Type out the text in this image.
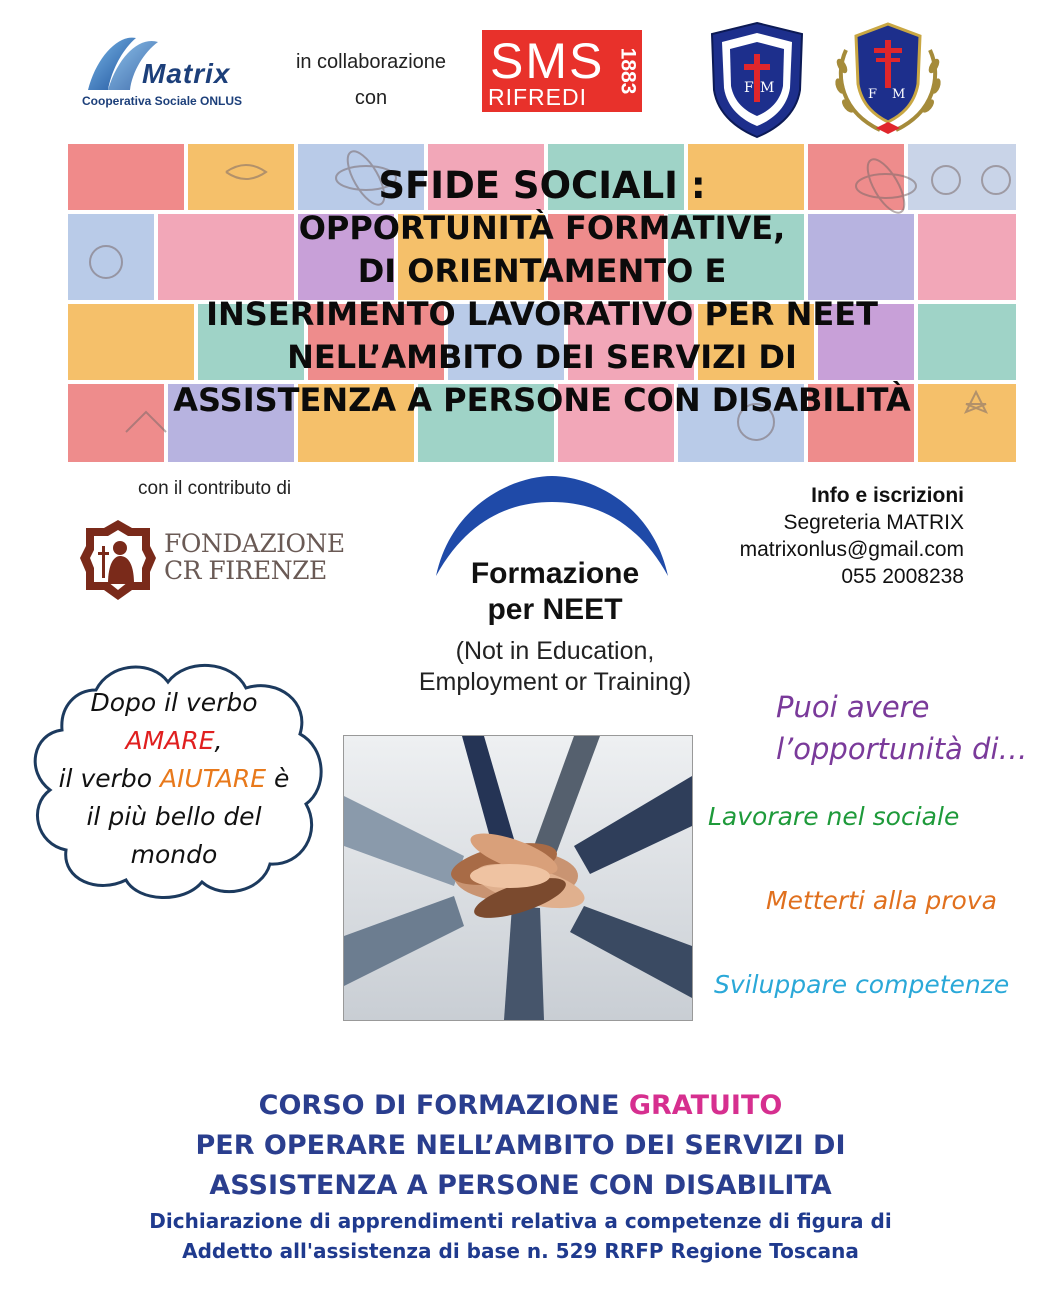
Matrix
Cooperativa Sociale ONLUS
in collaborazione
con
SMS
RIFREDI
1883	F M	F M
SFIDE SOCIALI :
OPPORTUNITÀ FORMATIVE,
DI ORIENTAMENTO E
INSERIMENTO LAVORATIVO PER NEET
NELL’AMBITO DEI SERVIZI DI
ASSISTENZA A PERSONE CON DISABILITÀ
con il contributo di
FONDAZIONE
CR FIRENZE	Formazione
per NEET
(Not in Education,
Employment or Training)
Info e iscrizioni
Segreteria MATRIX
matrixonlus@gmail.com
055 2008238
Dopo il verbo
AMARE,
il verbo AIUTARE è
il più bello del
mondo
Puoi avere
l’opportunità di…
Lavorare nel sociale
Metterti alla prova
Sviluppare competenze
CORSO DI FORMAZIONE GRATUITO
PER OPERARE NELL’AMBITO DEI SERVIZI DI
ASSISTENZA A PERSONE CON DISABILITA
Dichiarazione di apprendimenti relativa a competenze di figura di
Addetto all'assistenza di base n. 529 RRFP Regione Toscana
